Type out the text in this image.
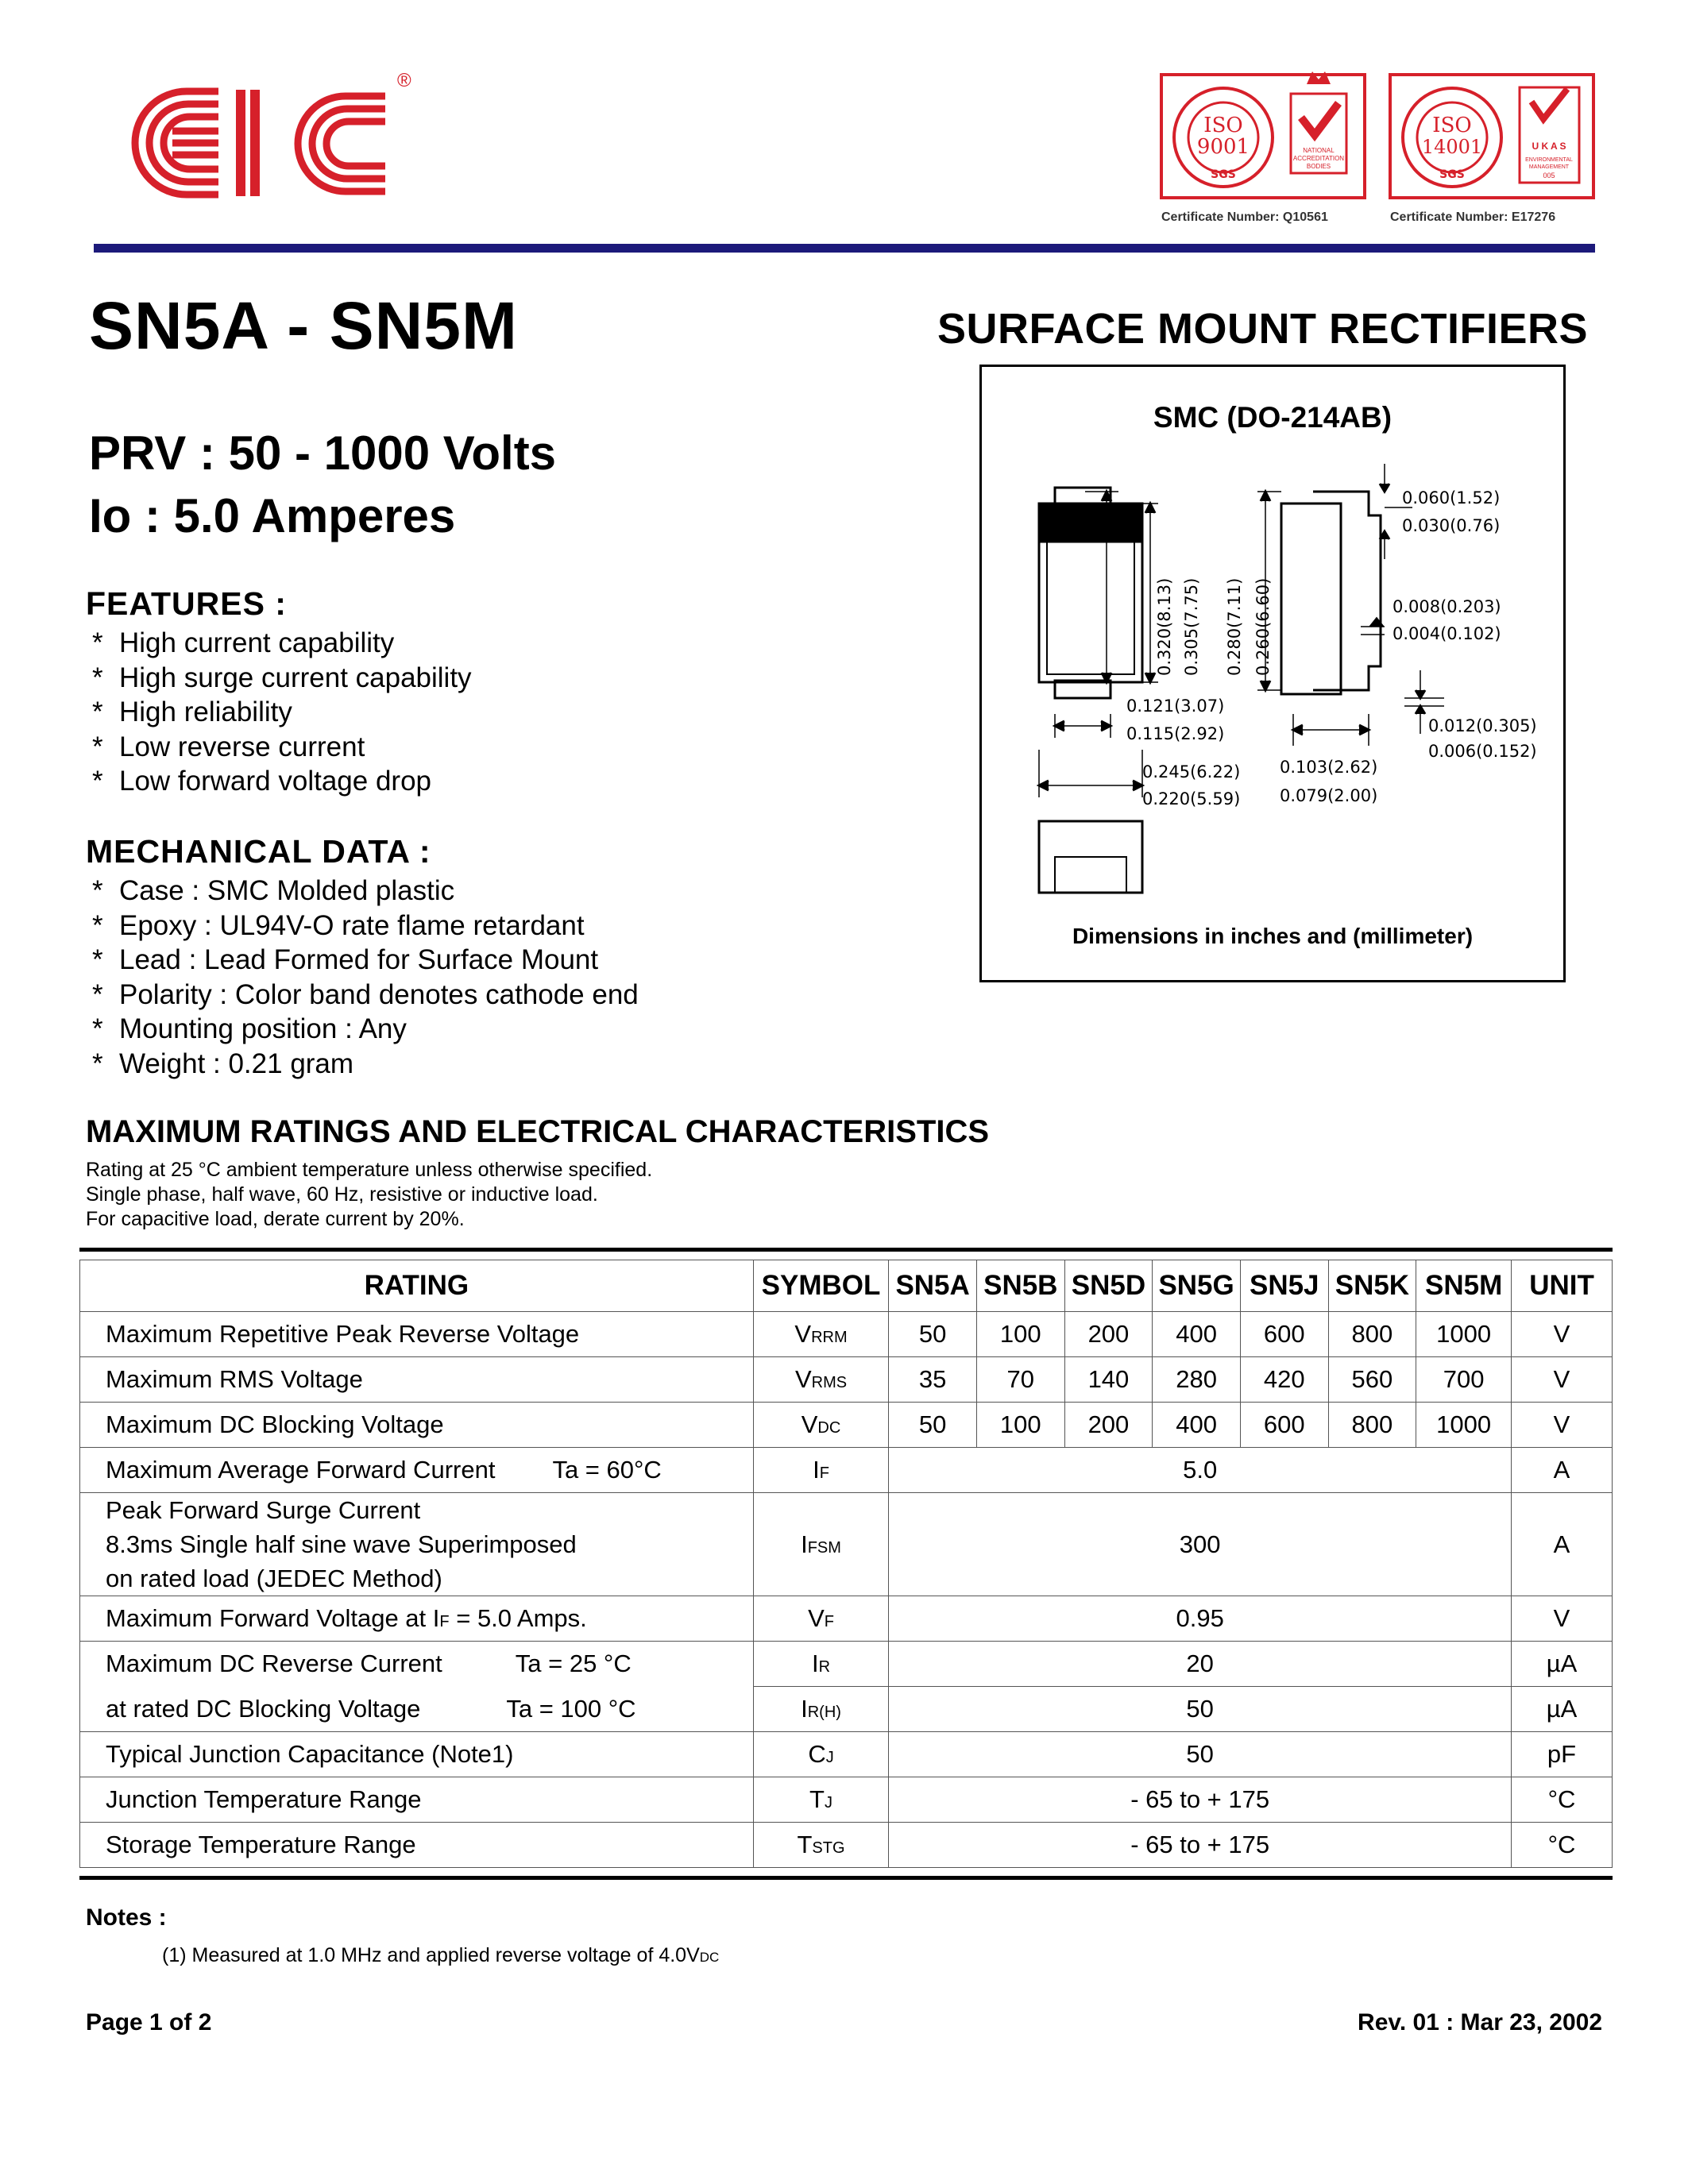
®
ISO
9001
SGS
NATIONAL
ACCREDITATION
BODIES
Certificate Number: Q10561
ISO
14001
SGS
U K A S
ENVIRONMENTAL
MANAGEMENT
005
Certificate Number: E17276
SN5A - SN5M	SURFACE MOUNT RECTIFIERS
PRV : 50 - 1000 Volts
Io : 5.0 Amperes
FEATURES :
* High current capability
* High surge current capability
* High reliability
* Low reverse current
* Low forward voltage drop
MECHANICAL DATA :
* Case : SMC Molded plastic
* Epoxy : UL94V-O rate flame retardant
* Lead : Lead Formed for Surface Mount
* Polarity : Color band denotes cathode end
* Mounting position : Any
* Weight : 0.21 gram
SMC (DO-214AB)
0.320(8.13) 0.305(7.75) 0.280(7.11) 0.260(6.60)
0.060(1.52)
0.030(0.76)
0.008(0.203)
0.004(0.102)
0.121(3.07)
0.115(2.92)	0.012(0.305)
0.006(0.152)
0.245(6.22)
0.220(5.59)
0.103(2.62)
0.079(2.00)
Dimensions in inches and (millimeter)
MAXIMUM RATINGS AND ELECTRICAL CHARACTERISTICS
Rating at 25 °C ambient temperature unless otherwise specified.
Single phase, half wave, 60 Hz, resistive or inductive load.
For capacitive load, derate current by 20%.
RATING	SYMBOL	SN5A	SN5B	SN5D	SN5G	SN5J	SN5K	SN5M	UNIT
Maximum Repetitive Peak Reverse Voltage	VRRM	50	100	200	400	600	800	1000	V
Maximum RMS Voltage	VRMS	35	70	140	280	420	560	700	V
Maximum DC Blocking Voltage	VDC	50	100	200	400	600	800	1000	V
Maximum Average Forward Current Ta = 60°C	IF	5.0							A

Peak Forward Surge Current
8.3ms Single half sine wave Superimposed
on rated load (JEDEC Method)	IFSM	300							A
Maximum Forward Voltage at IF = 5.0 Amps.	VF	0.95							V
Maximum DC Reverse Current Ta = 25 °C	IR	20							µA
at rated DC Blocking Voltage Ta = 100 °C	IR(H)	50							µA
Typical Junction Capacitance (Note1)	CJ	50							pF
Junction Temperature Range	TJ	- 65 to + 175							°C
Storage Temperature Range	TSTG	- 65 to + 175							°C
Notes :
(1) Measured at 1.0 MHz and applied reverse voltage of 4.0VDC
Page 1 of 2	Rev. 01 : Mar 23, 2002
